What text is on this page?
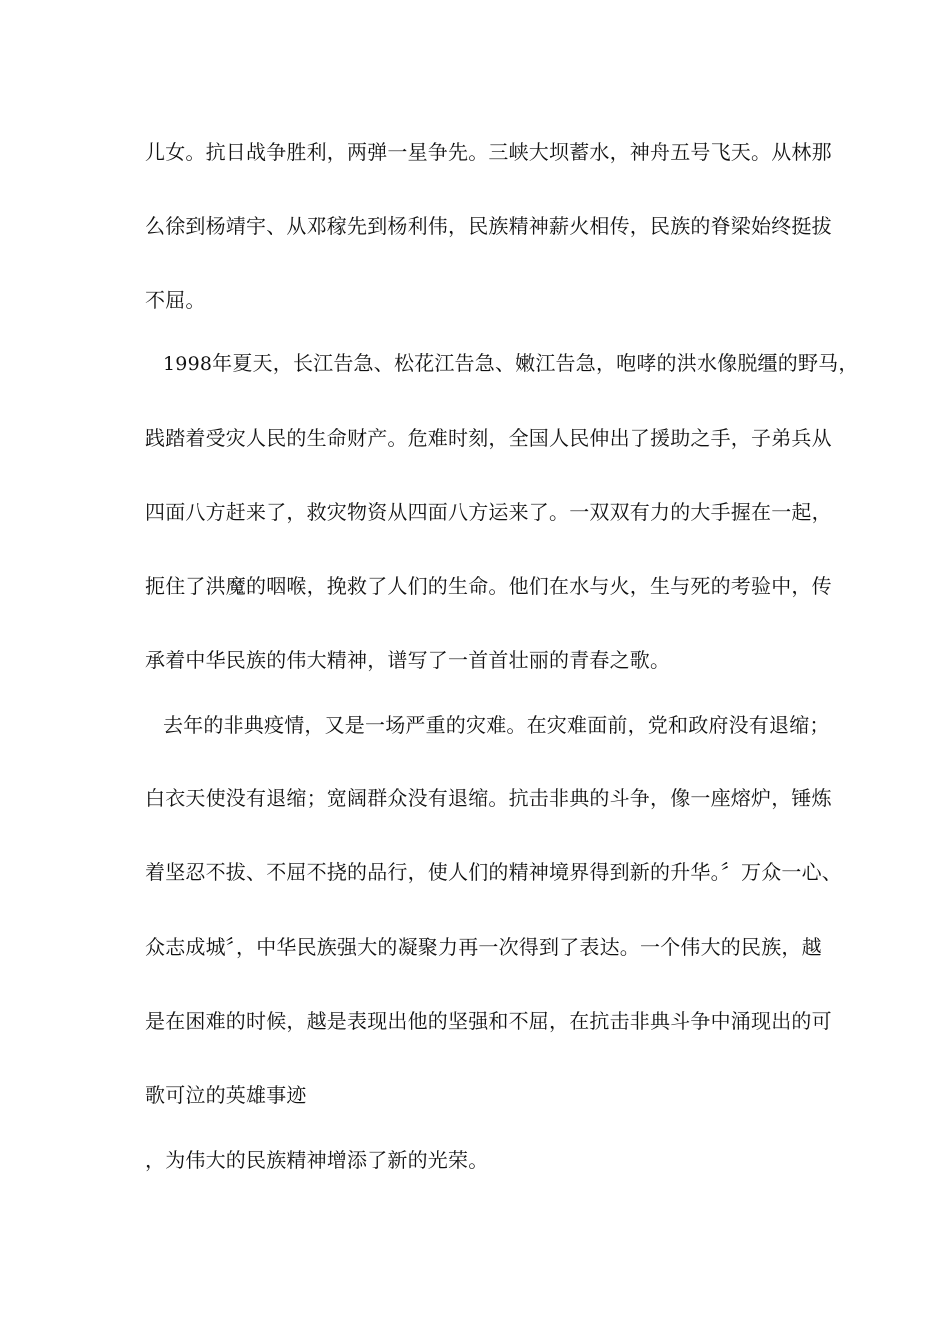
儿女。抗日战争胜利，两弹一星争先。三峡大坝蓄水，神舟五号飞天。从林那
么徐到杨靖宇、从邓稼先到杨利伟，民族精神薪火相传，民族的脊梁始终挺拔
不屈。
1998年夏天，长江告急、松花江告急、嫩江告急，咆哮的洪水像脱缰的野马，
践踏着受灾人民的生命财产。危难时刻，全国人民伸出了援助之手，子弟兵从
四面八方赶来了，救灾物资从四面八方运来了。一双双有力的大手握在一起，
扼住了洪魔的咽喉，挽救了人们的生命。他们在水与火，生与死的考验中，传
承着中华民族的伟大精神，谱写了一首首壮丽的青春之歌。
去年的非典疫情，又是一场严重的灾难。在灾难面前，党和政府没有退缩；
白衣天使没有退缩；宽阔群众没有退缩。抗击非典的斗争，像一座熔炉，锤炼
着坚忍不拔、不屈不挠的品行，使人们的精神境界得到新的升华。〞万众一心、
众志成城〞，中华民族强大的凝聚力再一次得到了表达。一个伟大的民族，越
是在困难的时候，越是表现出他的坚强和不屈，在抗击非典斗争中涌现出的可
歌可泣的英雄事迹
，为伟大的民族精神增添了新的光荣。
